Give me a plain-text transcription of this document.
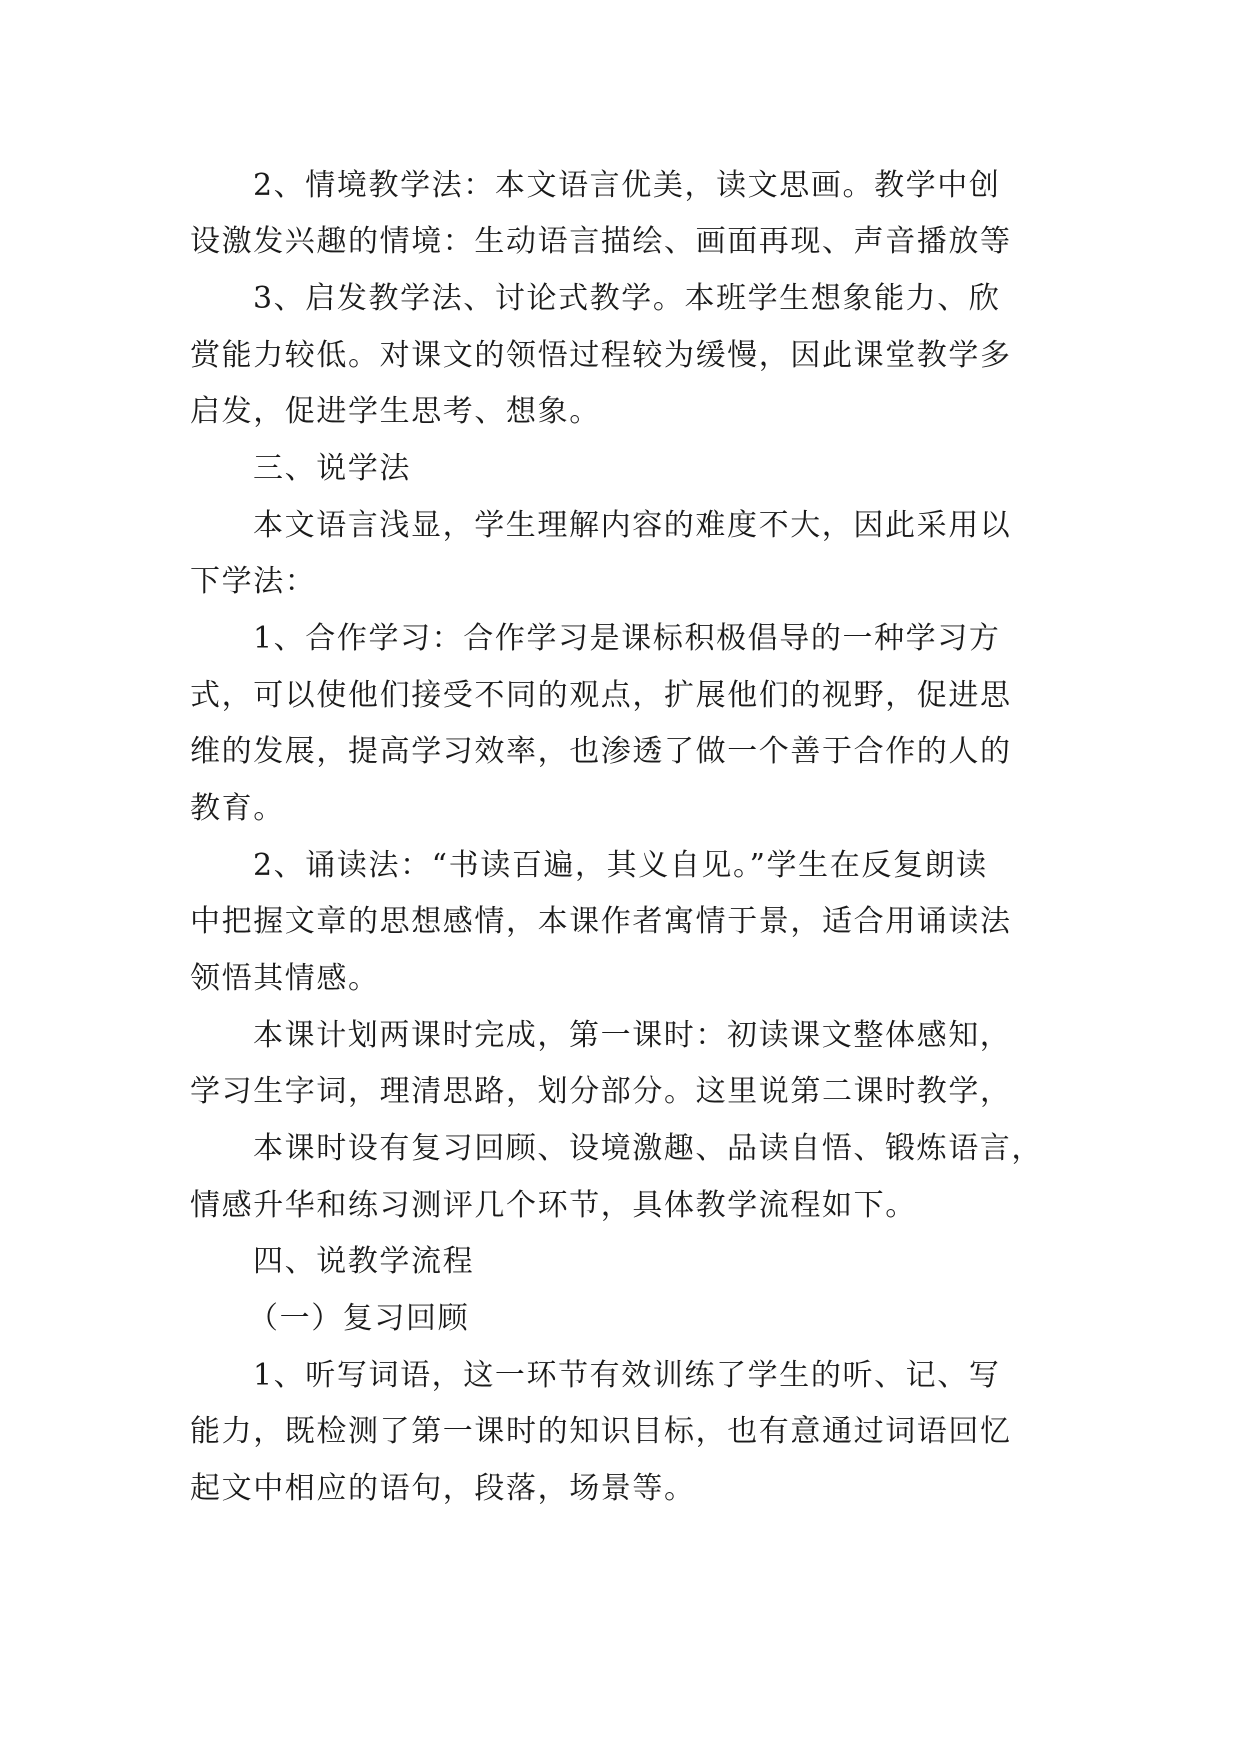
2、情境教学法：本文语言优美，读文思画。教学中创
设激发兴趣的情境：生动语言描绘、画面再现、声音播放等
3、启发教学法、讨论式教学。本班学生想象能力、欣
赏能力较低。对课文的领悟过程较为缓慢，因此课堂教学多
启发，促进学生思考、想象。
三、说学法
本文语言浅显，学生理解内容的难度不大，因此采用以
下学法：
1、合作学习：合作学习是课标积极倡导的一种学习方
式，可以使他们接受不同的观点，扩展他们的视野，促进思
维的发展，提高学习效率，也渗透了做一个善于合作的人的
教育。
2、诵读法：“书读百遍，其义自见。”学生在反复朗读
中把握文章的思想感情，本课作者寓情于景，适合用诵读法
领悟其情感。
本课计划两课时完成，第一课时：初读课文整体感知，
学习生字词，理清思路，划分部分。这里说第二课时教学，
本课时设有复习回顾、设境激趣、品读自悟、锻炼语言，
情感升华和练习测评几个环节，具体教学流程如下。
四、说教学流程
（一）复习回顾
1、听写词语，这一环节有效训练了学生的听、记、写
能力，既检测了第一课时的知识目标，也有意通过词语回忆
起文中相应的语句，段落，场景等。
